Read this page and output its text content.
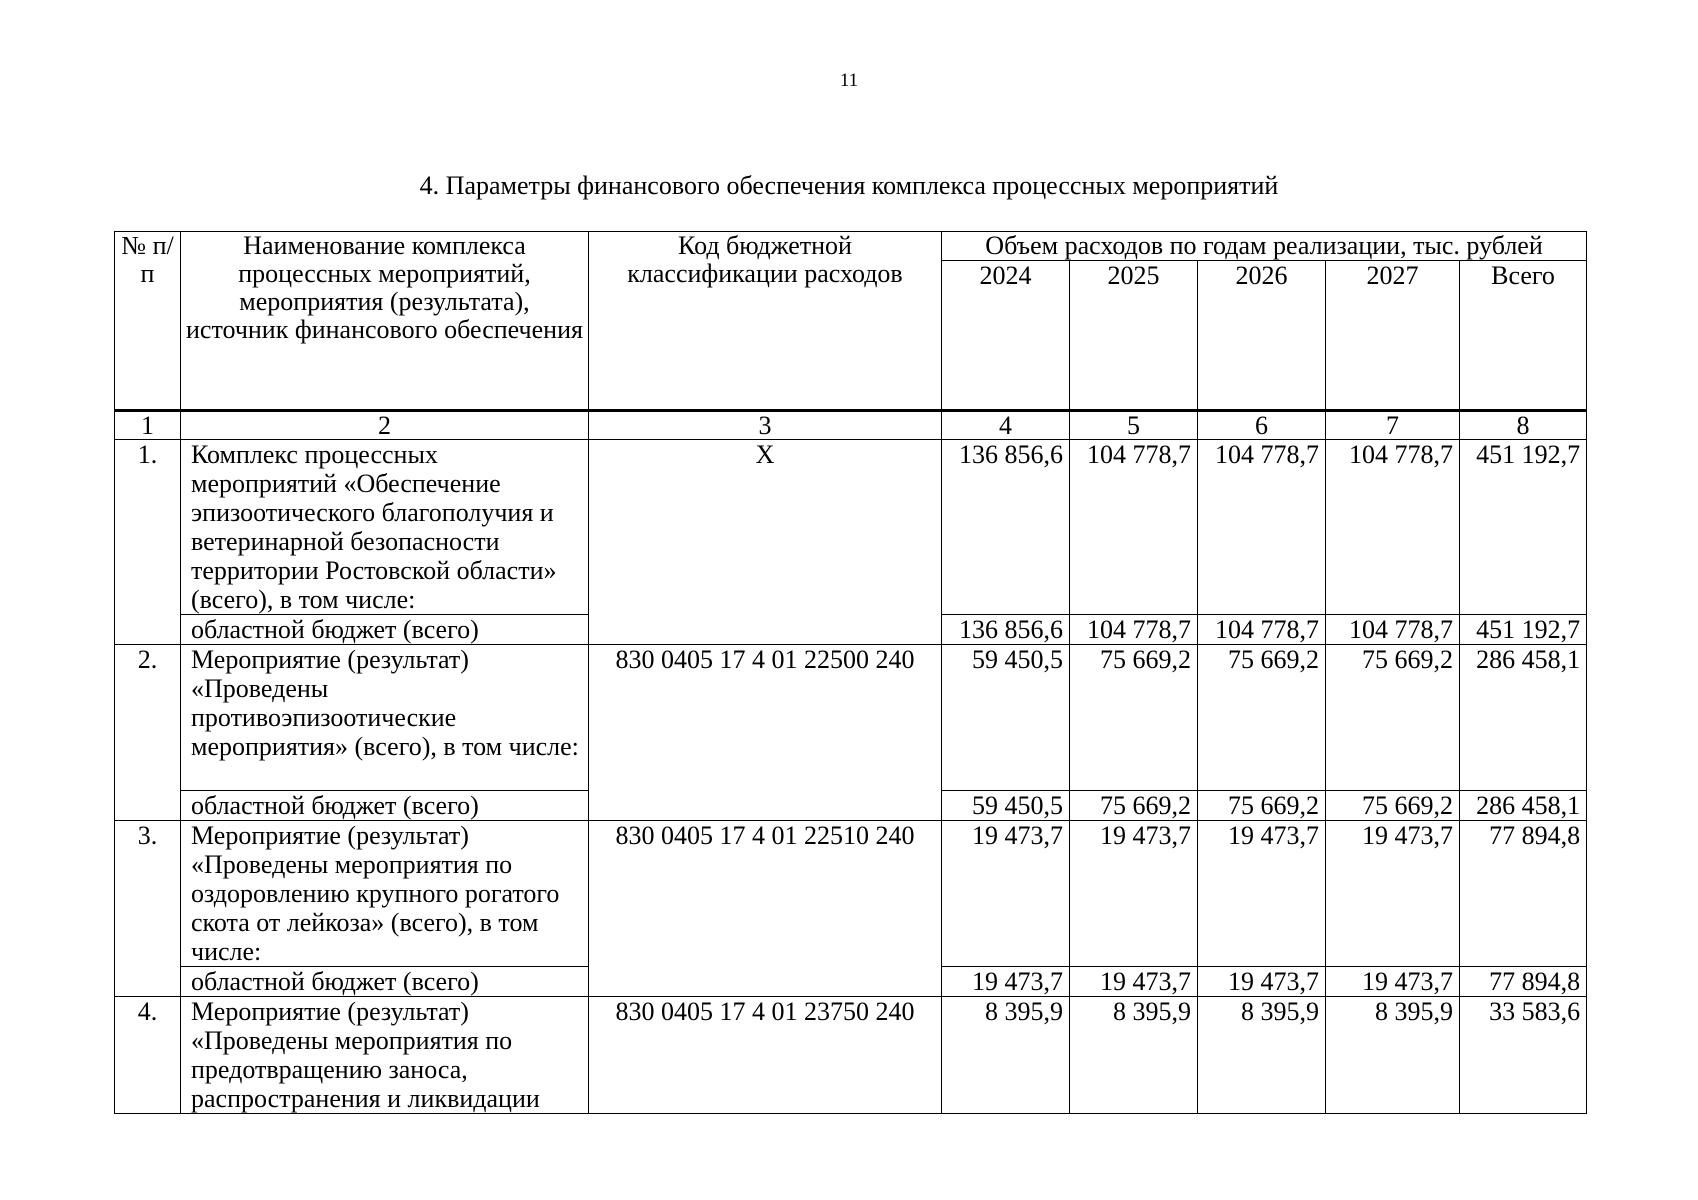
11
4. Параметры финансового обеспечения комплекса процессных мероприятий
№ п/п	Наименование комплекса процессных мероприятий, мероприятия (результата), источник финансового обеспечения	Код бюджетной классификации расходов	Объем расходов по годам реализации, тыс. рублей				
			2024	2025	2026	2027	Всего
1	2	3	4	5	6	7	8
1.	Комплекс процессных мероприятий «Обеспечение эпизоотического благополучия и ветеринарной безопасности территории Ростовской области» (всего), в том числе:	Х	136 856,6	104 778,7	104 778,7	104 778,7	451 192,7
	областной бюджет (всего)		136 856,6	104 778,7	104 778,7	104 778,7	451 192,7
2.	Мероприятие (результат) «Проведены противоэпизоотические мероприятия» (всего), в том числе:	830 0405 17 4 01 22500 240	59 450,5	75 669,2	75 669,2	75 669,2	286 458,1
	областной бюджет (всего)		59 450,5	75 669,2	75 669,2	75 669,2	286 458,1
3.	Мероприятие (результат) «Проведены мероприятия по оздоровлению крупного рогатого скота от лейкоза» (всего), в том числе:	830 0405 17 4 01 22510 240	19 473,7	19 473,7	19 473,7	19 473,7	77 894,8
	областной бюджет (всего)		19 473,7	19 473,7	19 473,7	19 473,7	77 894,8
4.	Мероприятие (результат) «Проведены мероприятия по предотвращению заноса, распространения и ликвидации	830 0405 17 4 01 23750 240	8 395,9	8 395,9	8 395,9	8 395,9	33 583,6
